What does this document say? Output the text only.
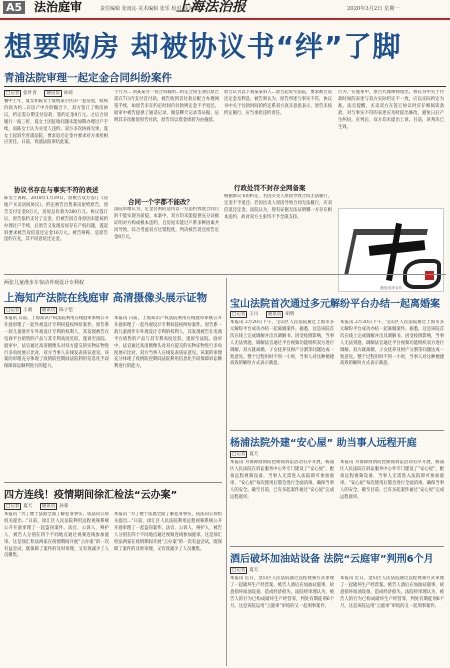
A5 法治庭审	责任编辑 张雨沁 美术编辑 张乐 校对 钱光明
上海法治报	2020年3月2日 星期一
想要购房 却被协议书“绊”了脚
青浦法院审理一起定金合同纠纷案件
□记者 张叶青 通讯员 孙靖
餐中上年，夏女和陈女士欲购某小区的一套房屋，收购价款为约...在房产中介的撮合下，双方签订了购房协议，约定需分期支付房款，签约定金8万元。之后合同履行一波三折，夏女士因征收问题未能如期办理过户手续，而陈女士认为买受人违约。双方多次协商无果，夏女士起诉至青浦法院，要求返还定金并要求对方承担相应责任。日前，青浦法院审结此案。
协议书存在与事实不符的表述
陈女士诉称，2018年1月19日，原被告双方签订《房地产买卖居间协议》，约定被告出售某房屋给原告，原告支付定金8万元，房屋总价款为280万元。协议签订后，原告依约支付了定金，但被告因自身原因未能按约办理过户手续，后原告又发现房屋存在产权问题，遂起诉要求被告双倍返还定金16万元。被告辩称，是原告违约在先，其不同意返还定金。
个月为... 刘某某另一份合同载明...约定合同生效后原告需在7日内支付首付款，被告收到首付款后配合办理网签手续，如原告未在约定时间内付款则定金不予退还。庭审中被告提供了通话记录、微信聊天记录等证据，证明其多次催促原告付款，原告均以资金周转为由拖延。
合同一个字都不能改？
法院审理认为，定金罚则的适用以一方违约致使合同目的不能实现为前提。本案中，双方均未能提供充分证据证明对方构成根本违约，且房屋未能过户系多种因素共同导致。综合考虑双方过错程度，判决被告返还原告定金8万元。
原告认为以下刘某某诉人...原告起诉至法院，要求被告返还定金及利息。被告则认为，原告所述与事实不符，协议书中关于付款时间的约定系双方真实意思表示，原告未按约定履行，应当承担违约责任。
行政处罚不封存全网备案
根据协议书的约定，若因买受人原因导致合同无法履行，定金不予退还；若因出卖人原因导致合同无法履行，应双倍返还定金。法院认为，现有证据无法证明哪一方存在根本违约，故对双方主张均不予全部支持。
行为。”在庭审中，原告代理律师指出，协议书中关于付款时间的表述与双方实际约定不一致，应以实际约定为准。法官提醒，买卖双方在签订协议时应仔细阅读条款，对与事实不符的表述应及时提出修改，避免日后产生纠纷。宣判后，双方均未提出上诉。目前，该判决已生效。
漫画/庭审宣传
两张儿童滑步车惊动外观设计专利权
上海知产法院在线庭审 高清摄像头展示证物
□记者 王葳 通讯员 陈子恺
本报讯 日前，上海知识产权法院利用在线庭审系统公开开庭审理了一起外观设计专利权侵权纠纷案件。原告系一款儿童滑步车外观设计专利的权利人，其发现被告在电商平台销售的产品与其专利高度近似，遂诉至法院。庭审中，法官通过高清摄像头对双方提交的实物证物进行多角度展示比对，双方当事人在线发表质证意见。该案的审理充分体现了疫情防控期间法院利用信息化手段保障诉讼顺利进行的能力。
本报讯 日前，上海知识产权法院利用在线庭审系统公开开庭审理了一起外观设计专利权侵权纠纷案件。原告系一款儿童滑步车外观设计专利的权利人，其发现被告在电商平台销售的产品与其专利高度近似，遂诉至法院。庭审中，法官通过高清摄像头对双方提交的实物证物进行多角度展示比对，双方当事人在线发表质证意见。该案的审理充分体现了疫情防控期间法院利用信息化手段保障诉讼顺利进行的能力。
四方连线！疫情期间徐汇检法“云办案”
□记者 夏天 通讯员 孙睿
本报讯 “为了便于法庭全面了解犯罪事实，依法向公诉机关提出...”日前，徐汇区人民法院利用远程视频系统公开开庭审理了一起盗窃案件。法官、公诉人、辩护人、被告人分别在四个不同地点通过视频连线参加庭审。这是徐汇检法两家在疫情期间开展“云办案”的一次有益尝试，既保障了案件的及时审理，又有效减少了人员聚集。
本报讯 “为了便于法庭全面了解犯罪事实，依法向公诉机关提出...”日前，徐汇区人民法院利用远程视频系统公开开庭审理了一起盗窃案件。法官、公诉人、辩护人、被告人分别在四个不同地点通过视频连线参加庭审。这是徐汇检法两家在疫情期间开展“云办案”的一次有益尝试，既保障了案件的及时审理，又有效减少了人员聚集。
宝山法院首次通过多元解纷平台办结一起离婚案
□记者 王川 通讯员 胡明
本报讯 2月20日下午，宝山区人民法院通过上海市多元解纷平台成功办结一起离婚案件。据悉，这是该院首次在线上完成调解并出具调解书。因受疫情影响，当事人无法到庭，调解法官通过平台视频功能组织双方进行调解，双方就离婚、子女抚养及财产分割等问题达成一致意见。整个过程用时不到一小时，当事人对这种便捷高效的解纷方式表示满意。
本报讯 2月20日下午，宝山区人民法院通过上海市多元解纷平台成功办结一起离婚案件。据悉，这是该院首次在线上完成调解并出具调解书。因受疫情影响，当事人无法到庭，调解法官通过平台视频功能组织双方进行调解，双方就离婚、子女抚养及财产分割等问题达成一致意见。整个过程用时不到一小时，当事人对这种便捷高效的解纷方式表示满意。
杨浦法院外建“安心屋” 助当事人远程开庭
□记者 夏天
本报讯 为保障疫情防控期间诉讼活动有序开展，杨浦区人民法院在诉讼服务中心外专门建设了“安心屋”，配备远程视频设备，当事人无需进入法院即可参加庭审。“安心屋”每次使用后都会进行全面消毒，确保当事人的安全。截至目前，已有多起案件通过“安心屋”完成远程庭审。
本报讯 为保障疫情防控期间诉讼活动有序开展，杨浦区人民法院在诉讼服务中心外专门建设了“安心屋”，配备远程视频设备，当事人无需进入法院即可参加庭审。“安心屋”每次使用后都会进行全面消毒，确保当事人的安全。截至目前，已有多起案件通过“安心屋”完成远程庭审。
酒后破坏加油站设备 法院“云庭审”判刑6个月
□记者 夏天
本报讯 近日，金山区人民法院通过远程视频方式审理了一起破坏生产经营案。被告人酒后在加油站滋事，故意损坏加油设备，造成经济损失。法院经审理认为，被告人的行为已构成破坏生产经营罪，判处有期徒刑6个月。这是该院运用“云庭审”审结的又一起刑事案件。
本报讯 近日，金山区人民法院通过远程视频方式审理了一起破坏生产经营案。被告人酒后在加油站滋事，故意损坏加油设备，造成经济损失。法院经审理认为，被告人的行为已构成破坏生产经营罪，判处有期徒刑6个月。这是该院运用“云庭审”审结的又一起刑事案件。
